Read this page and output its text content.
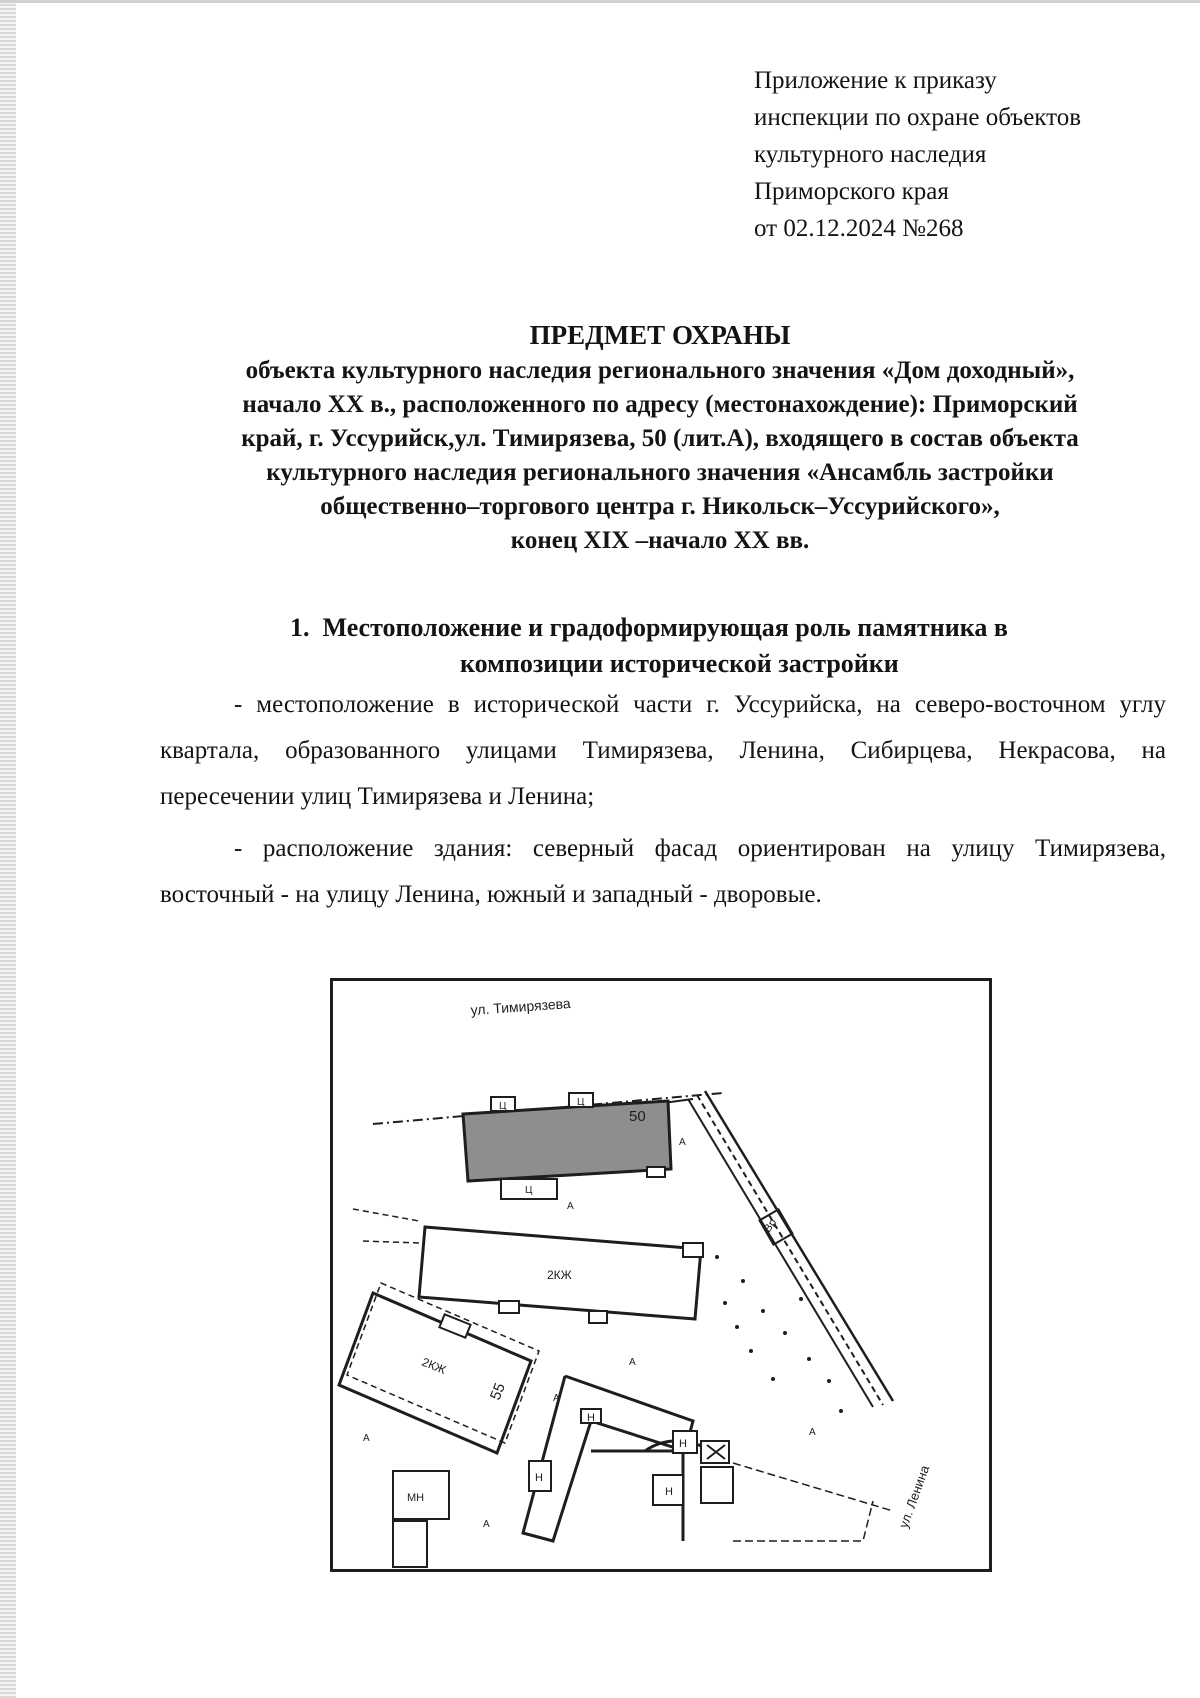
Приложение к приказу
инспекции по охране объектов
культурного наследия
Приморского края
от 02.12.2024 №268
ПРЕДМЕТ ОХРАНЫ
объекта культурного наследия регионального значения «Дом доходный»,
начало XX в., расположенного по адресу (местонахождение): Приморский
край, г. Уссурийск,ул. Тимирязева, 50 (лит.А), входящего в состав объекта
культурного наследия регионального значения «Ансамбль застройки
общественно–торгового центра г. Никольск–Уссурийского»,
конец XIX –начало XX вв.
1. Местоположение и градоформирующая роль памятника в
композиции исторической застройки
- местоположение в исторической части г. Уссурийска, на северо-восточном углу квартала, образованного улицами Тимирязева, Ленина, Сибирцева, Некрасова, на пересечении улиц Тимирязева и Ленина;
- расположение здания: северный фасад ориентирован на улицу Тимирязева, восточный - на улицу Ленина, южный и западный - дворовые.
ул. Тимирязева
ул. Ленина
50
55
2КЖ
2КЖ
МН
Вр
Ц	Ц
Ц
Н
Н
Н
Н
А
А
А
А
А
А
А
